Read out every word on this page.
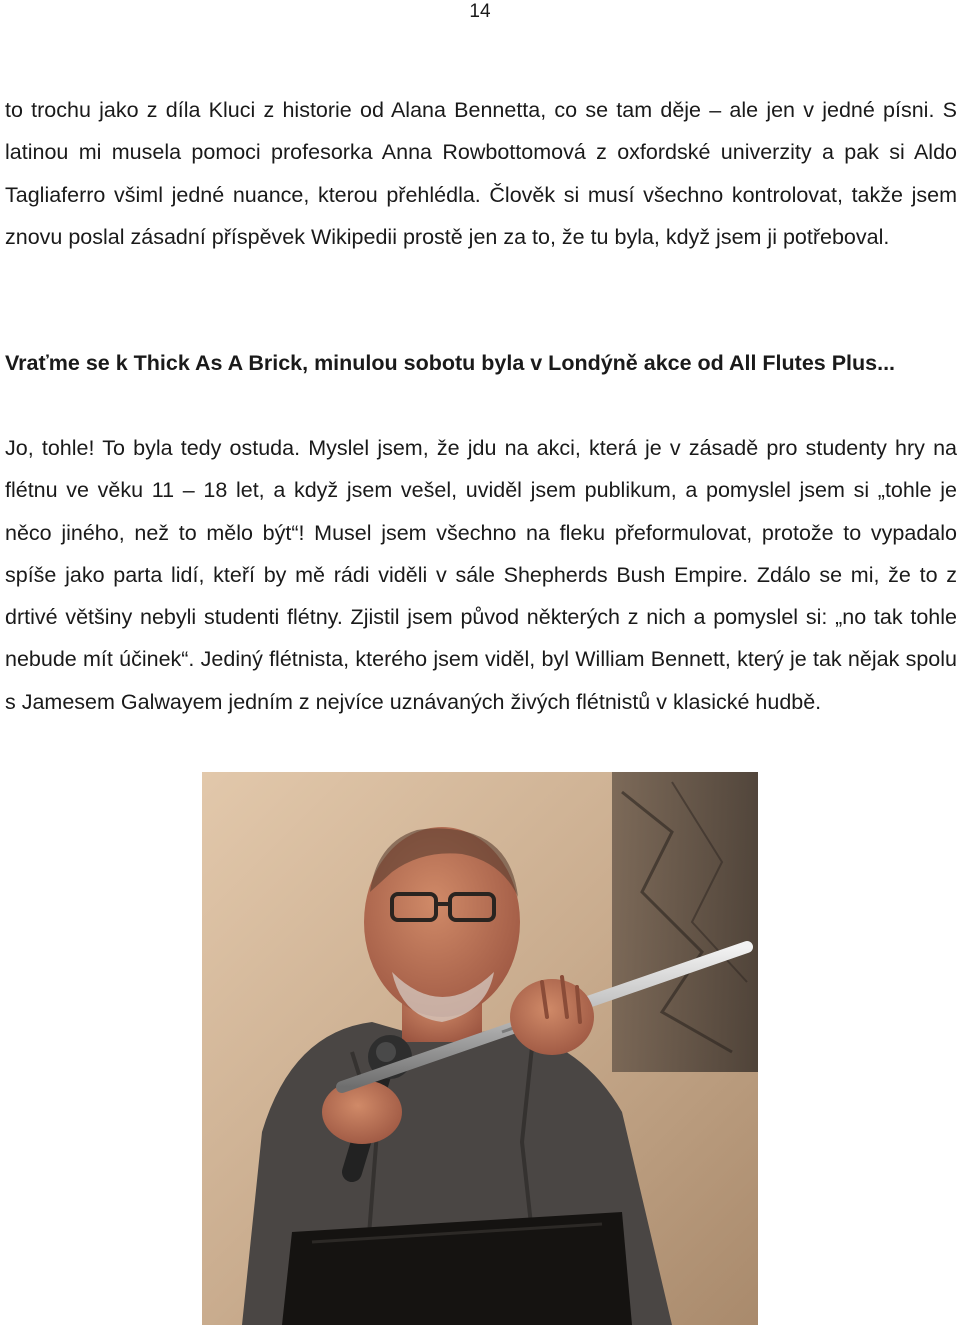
14

to trochu jako z díla Kluci z historie od Alana Bennetta, co se tam děje – ale jen v jedné písni. S latinou mi musela pomoci profesorka Anna Rowbottomová z oxfordské univerzity a pak si Aldo Tagliaferro všiml jedné nuance, kterou přehlédla. Člověk si musí všechno kontrolovat, takže jsem znovu poslal zásadní příspěvek Wikipedii prostě jen za to, že tu byla, když jsem ji potřeboval.

Vraťme se k Thick As A Brick, minulou sobotu byla v Londýně akce od All Flutes Plus...

Jo, tohle! To byla tedy ostuda. Myslel jsem, že jdu na akci, která je v zásadě pro studenty hry na flétnu ve věku 11 – 18 let, a když jsem vešel, uviděl jsem publikum, a pomyslel jsem si „tohle je něco jiného, než to mělo být“! Musel jsem všechno na fleku přeformulovat, protože to vypadalo spíše jako parta lidí, kteří by mě rádi viděli v sále Shepherds Bush Empire. Zdálo se mi, že to z drtivé většiny nebyli studenti flétny. Zjistil jsem původ některých z nich a pomyslel si: „no tak tohle nebude mít účinek“. Jediný flétnista, kterého jsem viděl, byl William Bennett, který je tak nějak spolu s Jamesem Galwayem jedním z nejvíce uznávaných živých flétnistů v klasické hudbě.
